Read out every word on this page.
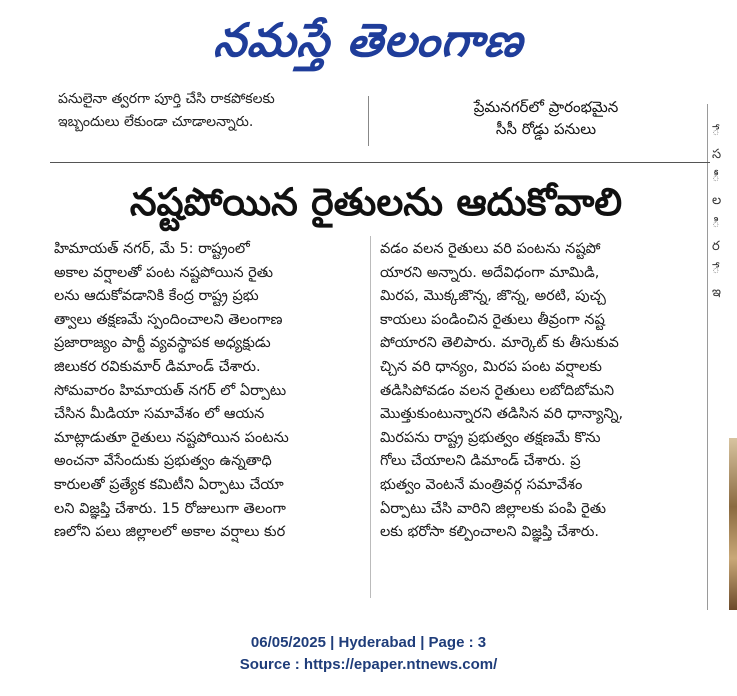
నమస్తే తెలంగాణ
ే
స
ీ
ల
ి
ర
ే
ఇ
పనులైనా త్వరగా పూర్తి చేసి రాకపోకలకు
ఇబ్బందులు లేకుండా చూడాలన్నారు.
ప్రేమనగర్‌లో ప్రారంభమైన
సీసీ రోడ్డు పనులు
నష్టపోయిన రైతులను ఆదుకోవాలి
హిమాయత్ నగర్, మే 5: రాష్ట్రంలో
అకాల వర్షాలతో పంట నష్టపోయిన రైతు
లను ఆదుకోవడానికి కేంద్ర రాష్ట్ర ప్రభు
త్వాలు తక్షణమే స్పందించాలని తెలంగాణ
ప్రజారాజ్యం పార్టీ వ్యవస్థాపక అధ్యక్షుడు
జిలుకర రవికుమార్ డిమాండ్ చేశారు.
సోమవారం హిమాయత్ నగర్ లో ఏర్పాటు
చేసిన మీడియా సమావేశం లో ఆయన
మాట్లాడుతూ రైతులు నష్టపోయిన పంటను
అంచనా వేసేందుకు ప్రభుత్వం ఉన్నతాధి
కారులతో ప్రత్యేక కమిటీని ఏర్పాటు చేయా
లని విజ్ఞప్తి చేశారు. 15 రోజులుగా తెలంగా
ణలోని పలు జిల్లాలలో అకాల వర్షాలు కుర
వడం వలన రైతులు వరి పంటను నష్టపో
యారని అన్నారు. అదేవిధంగా మామిడి,
మిరప, మొక్కజొన్న, జొన్న, అరటి, పుచ్చ
కాయలు పండించిన రైతులు తీవ్రంగా నష్ట
పోయారని తెలిపారు. మార్కెట్ కు తీసుకువ
చ్చిన వరి ధాన్యం, మిరప పంట వర్షాలకు
తడిసిపోవడం వలన రైతులు లబోదిబోమని
మొత్తుకుంటున్నారని తడిసిన వరి ధాన్యాన్ని,
మిరపను రాష్ట్ర ప్రభుత్వం తక్షణమే కొను
గోలు చేయాలని డిమాండ్ చేశారు. ప్ర
భుత్వం వెంటనే మంత్రివర్గ సమావేశం
ఏర్పాటు చేసి వారిని జిల్లాలకు పంపి రైతు
లకు భరోసా కల్పించాలని విజ్ఞప్తి చేశారు.
06/05/2025 | Hyderabad | Page : 3
Source : https://epaper.ntnews.com/
